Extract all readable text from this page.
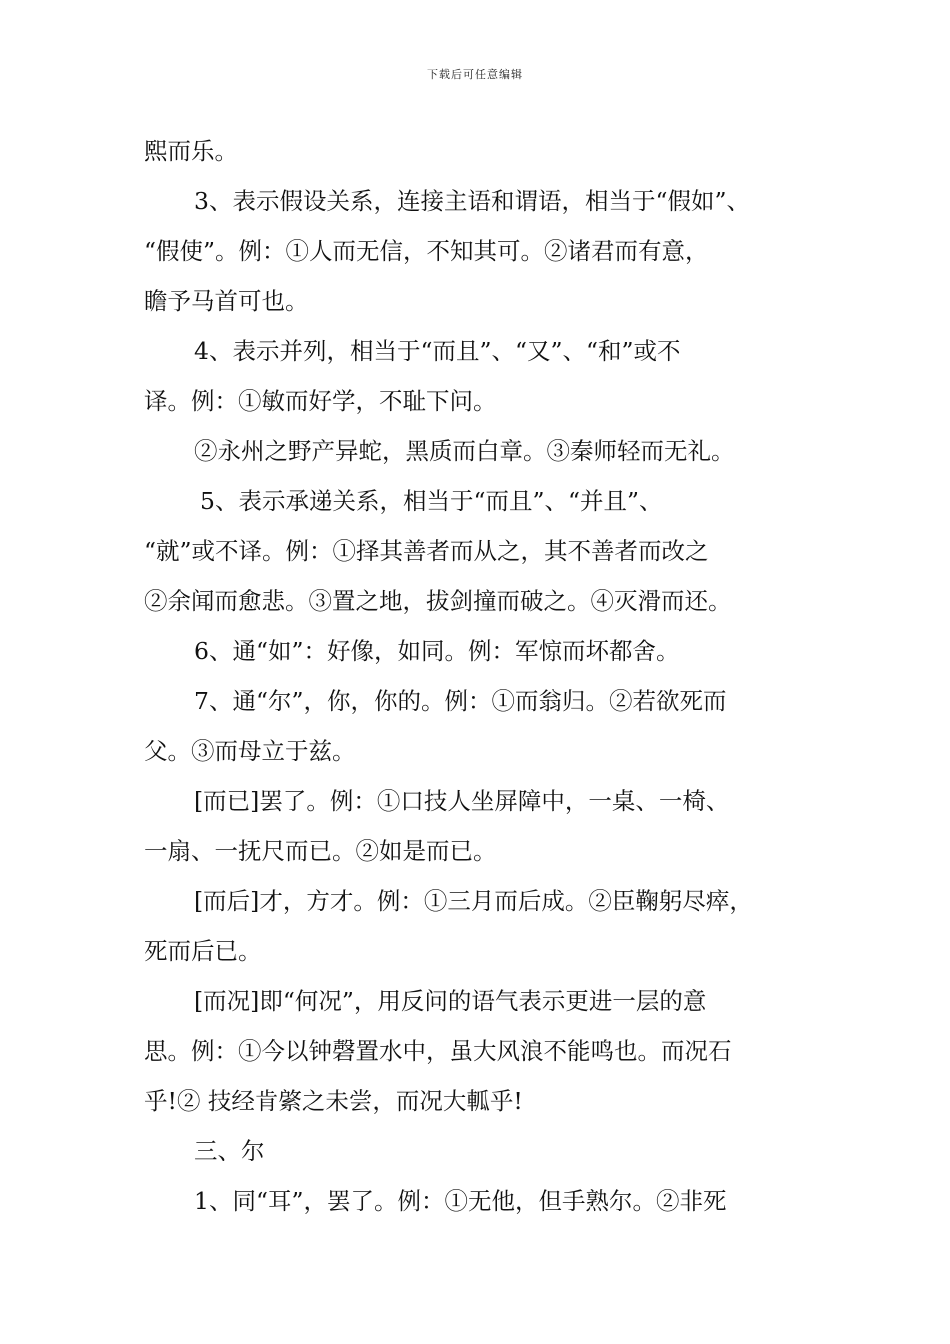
下载后可任意编辑
熙而乐。
3、表示假设关系，连接主语和谓语，相当于“假如”、
“假使”。例：①人而无信，不知其可。②诸君而有意，
瞻予马首可也。
4、表示并列，相当于“而且”、“又”、“和”或不
译。例：①敏而好学，不耻下问。
②永州之野产异蛇，黑质而白章。③秦师轻而无礼。
5、表示承递关系，相当于“而且”、“并且”、
“就”或不译。例：①择其善者而从之，其不善者而改之
②余闻而愈悲。③置之地，拔剑撞而破之。④灭滑而还。
6、通“如”：好像，如同。例：军惊而坏都舍。
7、通“尔”，你，你的。例：①而翁归。②若欲死而
父。③而母立于兹。
[而已]罢了。例：①口技人坐屏障中，一桌、一椅、
一扇、一抚尺而已。②如是而已。
[而后]才，方才。例：①三月而后成。②臣鞠躬尽瘁，
死而后已。
[而况]即“何况”，用反问的语气表示更进一层的意
思。例：①今以钟磬置水中，虽大风浪不能鸣也。而况石
乎!② 技经肯綮之未尝，而况大軱乎!
三、尔
1、同“耳”，罢了。例：①无他，但手熟尔。②非死
